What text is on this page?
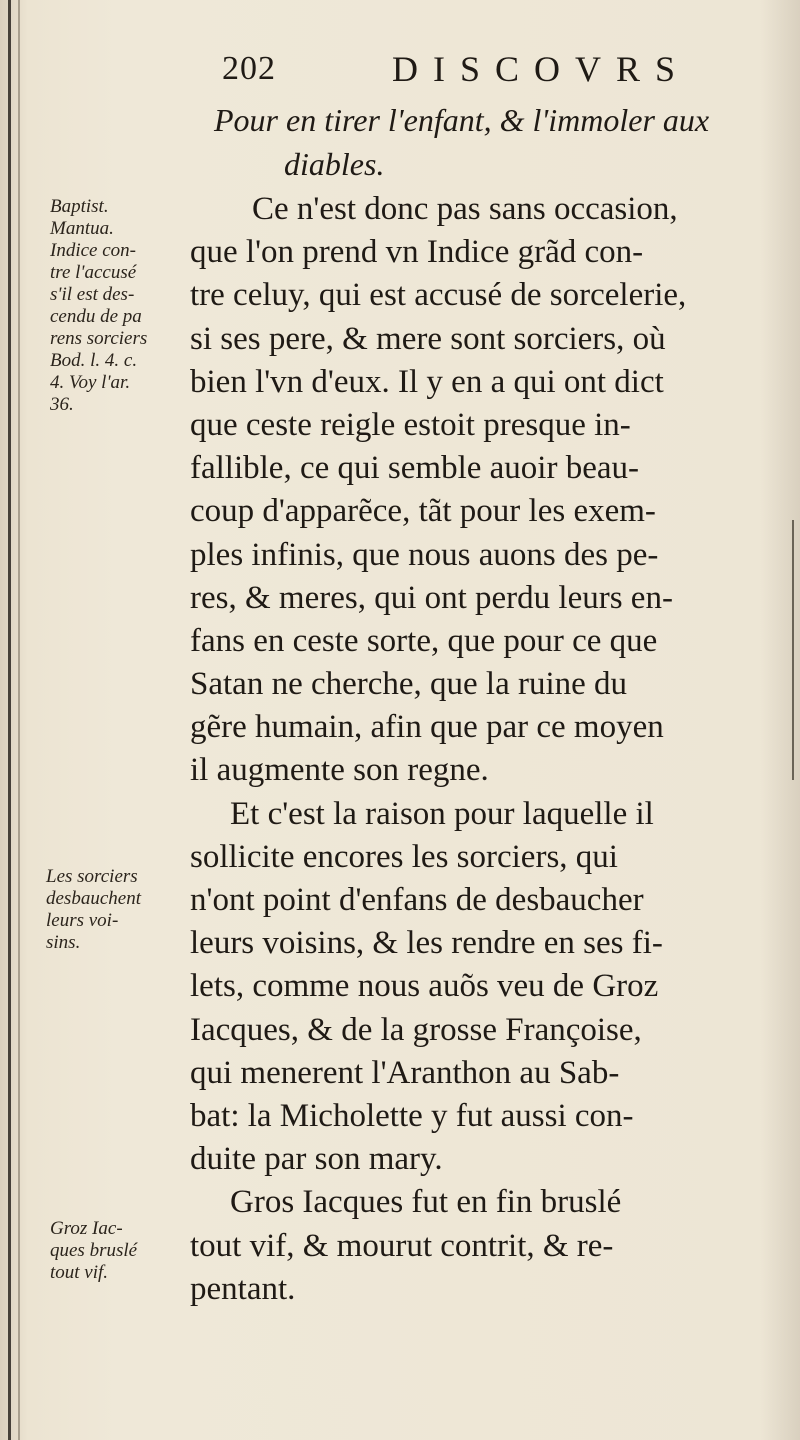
202	DISCOVRS
Pour en tirer l'enfant, & l'immoler aux
diables.
Baptist.
Mantua.
Indice con-
tre l'accusé
s'il est des-
cendu de pa
rens sorciers
Bod. l. 4. c.
4. Voy l'ar.
36.
Les sorciers
desbauchent
leurs voi-
sins.
Groz Iac-
ques bruslé
tout vif.
Ce n'est donc pas sans occasion,
que l'on prend vn Indice grãd con-
tre celuy, qui est accusé de sorcelerie,
si ses pere, & mere sont sorciers, où
bien l'vn d'eux. Il y en a qui ont dict
que ceste reigle estoit presque in-
fallible, ce qui semble auoir beau-
coup d'apparẽce, tãt pour les exem-
ples infinis, que nous auons des pe-
res, & meres, qui ont perdu leurs en-
fans en ceste sorte, que pour ce que
Satan ne cherche, que la ruine du
gẽre humain, afin que par ce moyen
il augmente son regne.
Et c'est la raison pour laquelle il
sollicite encores les sorciers, qui
n'ont point d'enfans de desbaucher
leurs voisins, & les rendre en ses fi-
lets, comme nous auõs veu de Groz
Iacques, & de la grosse Françoise,
qui menerent l'Aranthon au Sab-
bat: la Micholette y fut aussi con-
duite par son mary.
Gros Iacques fut en fin bruslé
tout vif, & mourut contrit, & re-
pentant.
